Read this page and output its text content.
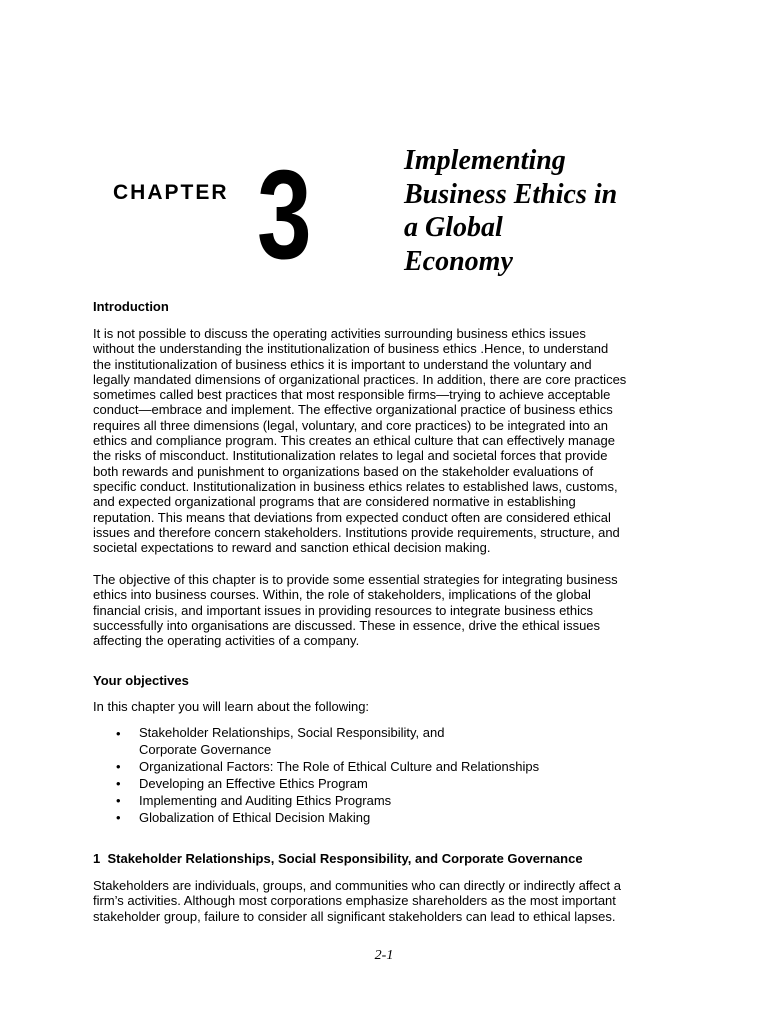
CHAPTER 3	Implementing
Business Ethics in
a Global
Economy
Introduction
It is not possible to discuss the operating activities surrounding business ethics issues
without the understanding the institutionalization of business ethics .Hence, to understand
the institutionalization of business ethics it is important to understand the voluntary and
legally mandated dimensions of organizational practices. In addition, there are core practices
sometimes called best practices that most responsible firms—trying to achieve acceptable
conduct—embrace and implement. The effective organizational practice of business ethics
requires all three dimensions (legal, voluntary, and core practices) to be integrated into an
ethics and compliance program. This creates an ethical culture that can effectively manage
the risks of misconduct. Institutionalization relates to legal and societal forces that provide
both rewards and punishment to organizations based on the stakeholder evaluations of
specific conduct. Institutionalization in business ethics relates to established laws, customs,
and expected organizational programs that are considered normative in establishing
reputation. This means that deviations from expected conduct often are considered ethical
issues and therefore concern stakeholders. Institutions provide requirements, structure, and
societal expectations to reward and sanction ethical decision making.
The objective of this chapter is to provide some essential strategies for integrating business
ethics into business courses. Within, the role of stakeholders, implications of the global
financial crisis, and important issues in providing resources to integrate business ethics
successfully into organisations are discussed. These in essence, drive the ethical issues
affecting the operating activities of a company.
Your objectives
In this chapter you will learn about the following:
• Stakeholder Relationships, Social Responsibility, and
Corporate Governance
• Organizational Factors: The Role of Ethical Culture and Relationships
• Developing an Effective Ethics Program
• Implementing and Auditing Ethics Programs
• Globalization of Ethical Decision Making
1 Stakeholder Relationships, Social Responsibility, and Corporate Governance
Stakeholders are individuals, groups, and communities who can directly or indirectly affect a
firm’s activities. Although most corporations emphasize shareholders as the most important
stakeholder group, failure to consider all significant stakeholders can lead to ethical lapses.
2-1
